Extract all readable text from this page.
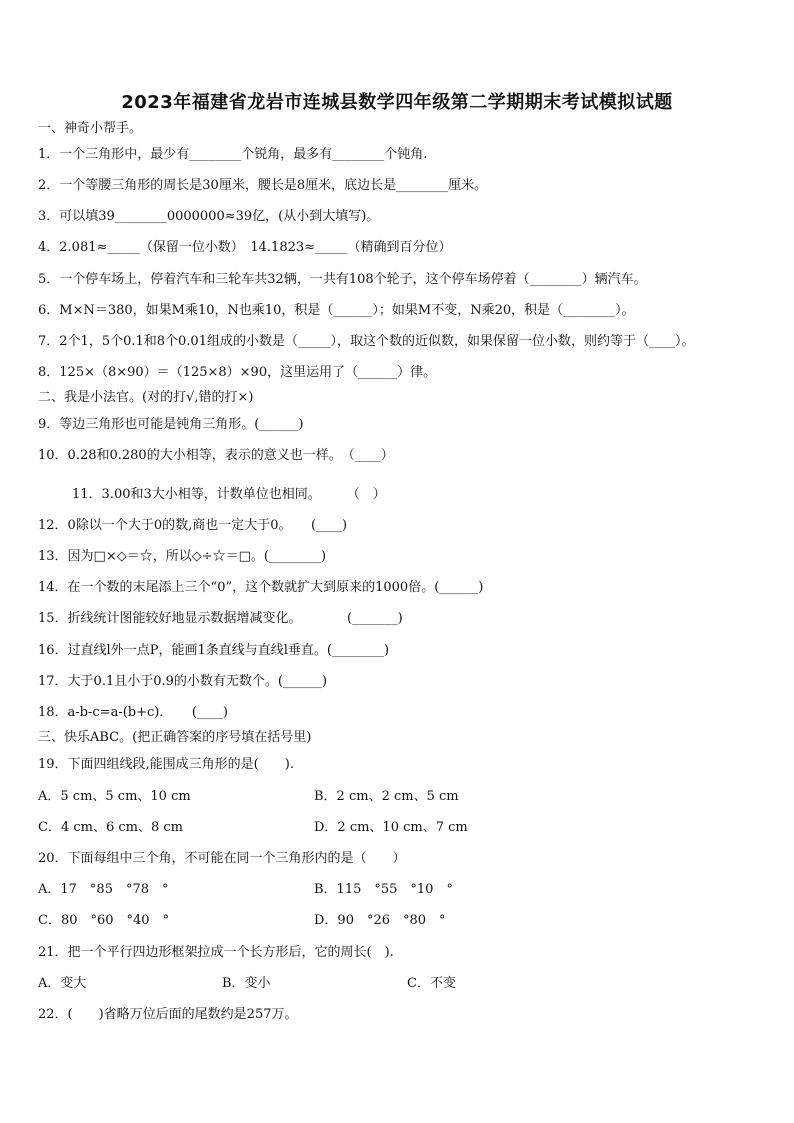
2023年福建省龙岩市连城县数学四年级第二学期期末考试模拟试题
一、神奇小帮手。
1．一个三角形中，最少有________个锐角，最多有________个钝角.
2．一个等腰三角形的周长是30厘米，腰长是8厘米，底边长是________厘米。
3．可以填39________0000000≈39亿，(从小到大填写)。
4．2.081≈_____（保留一位小数）　14.1823≈_____（精确到百分位）
5．一个停车场上，停着汽车和三轮车共32辆，一共有108个轮子，这个停车场停着（________）辆汽车。
6．M×N＝380，如果M乘10，N也乘10，积是（______）；如果M不变，N乘20，积是（________）。
7．2个1，5个0.1和8个0.01组成的小数是（_____），取这个数的近似数，如果保留一位小数，则约等于（____）。
8．125×（8×90）＝（125×8）×90，这里运用了（______）律。
二、我是小法官。(对的打√,错的打×)
9．等边三角形也可能是钝角三角形。(______)
10．0.28和0.280的大小相等，表示的意义也一样。　（____）
11．3.00和3大小相等，计数单位也相同。　　　（　）
12．0除以一个大于0的数,商也一定大于0。　　(____)
13．因为□×◇＝☆，所以◇÷☆＝□。(________)
14．在一个数的末尾添上三个“0”，这个数就扩大到原来的1000倍。(______)
15．折线统计图能较好地显示数据增减变化。　　　　(_______)
16．过直线l外一点P，能画1条直线与直线l垂直。(________)
17．大于0.1且小于0.9的小数有无数个。(______)
18．a-b-c=a-(b+c)．　　(____)
三、快乐ABC。(把正确答案的序号填在括号里)
19．下面四组线段,能围成三角形的是(　　).
A．5 cm、5 cm、10 cm	B．2 cm、2 cm、5 cm
C．4 cm、6 cm、8 cm	D．2 cm、10 cm、7 cm
20．下面每组中三个角，不可能在同一个三角形内的是（　　）
A．17　°85　°78　°	B．115　°55　°10　°
C．80　°60　°40　°	D．90　°26　°80　°
21．把一个平行四边形框架拉成一个长方形后，它的周长(　).
A．变大	B．变小	C．不变
22．(　　)省略万位后面的尾数约是257万。
